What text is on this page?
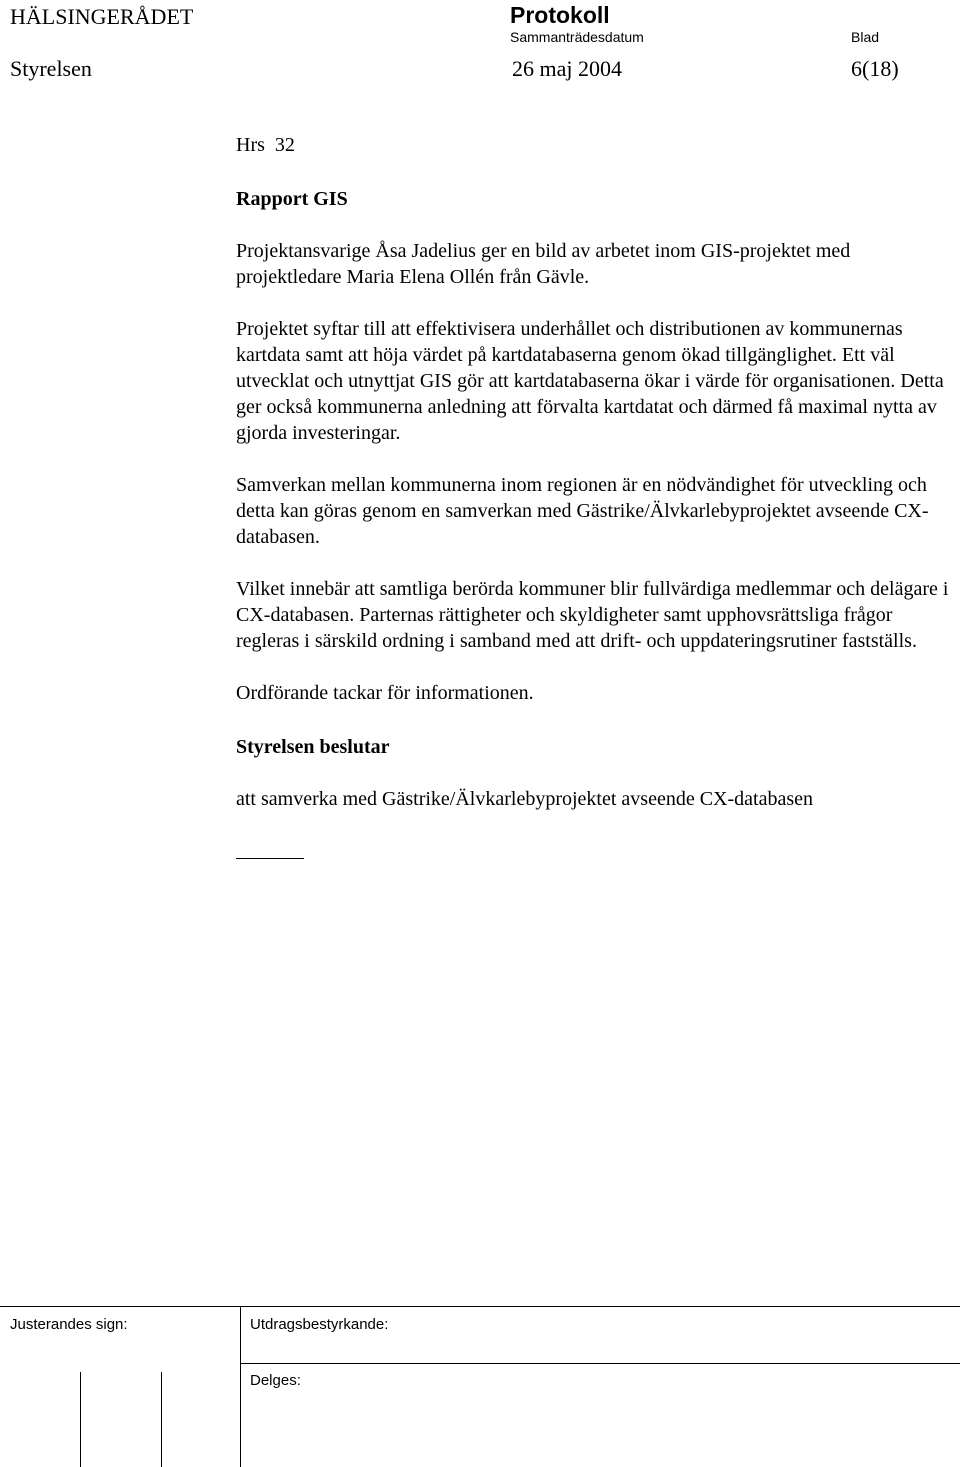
HÄLSINGERÅDET	Protokoll
Sammanträdesdatum	Blad
Styrelsen	26 maj 2004	6(18)

Hrs  32

Rapport GIS

Projektansvarige Åsa Jadelius ger en bild av arbetet inom GIS-projektet med projektledare Maria Elena Ollén från Gävle.

Projektet syftar till att effektivisera underhållet och distributionen av kommunernas kartdata samt att höja värdet på kartdatabaserna genom ökad tillgänglighet. Ett väl utvecklat och utnyttjat GIS gör att kartdatabaserna ökar i värde för organisationen. Detta ger också kommunerna anledning att förvalta kartdatat och därmed få maximal nytta av gjorda investeringar.

Samverkan mellan kommunerna inom regionen är en nödvändighet för utveckling och detta kan göras genom en samverkan med Gästrike/Älvkarlebyprojektet avseende CX-databasen.

Vilket innebär att samtliga berörda kommuner blir fullvärdiga medlemmar och delägare i CX-databasen. Parternas rättigheter och skyldigheter samt upphovsrättsliga frågor regleras i särskild ordning i samband med att drift- och uppdateringsrutiner fastställs.

Ordförande tackar för informationen.

Styrelsen beslutar

att samverka med Gästrike/Älvkarlebyprojektet avseende CX-databasen

Justerandes sign:	Utdragsbestyrkande:
Delges:
